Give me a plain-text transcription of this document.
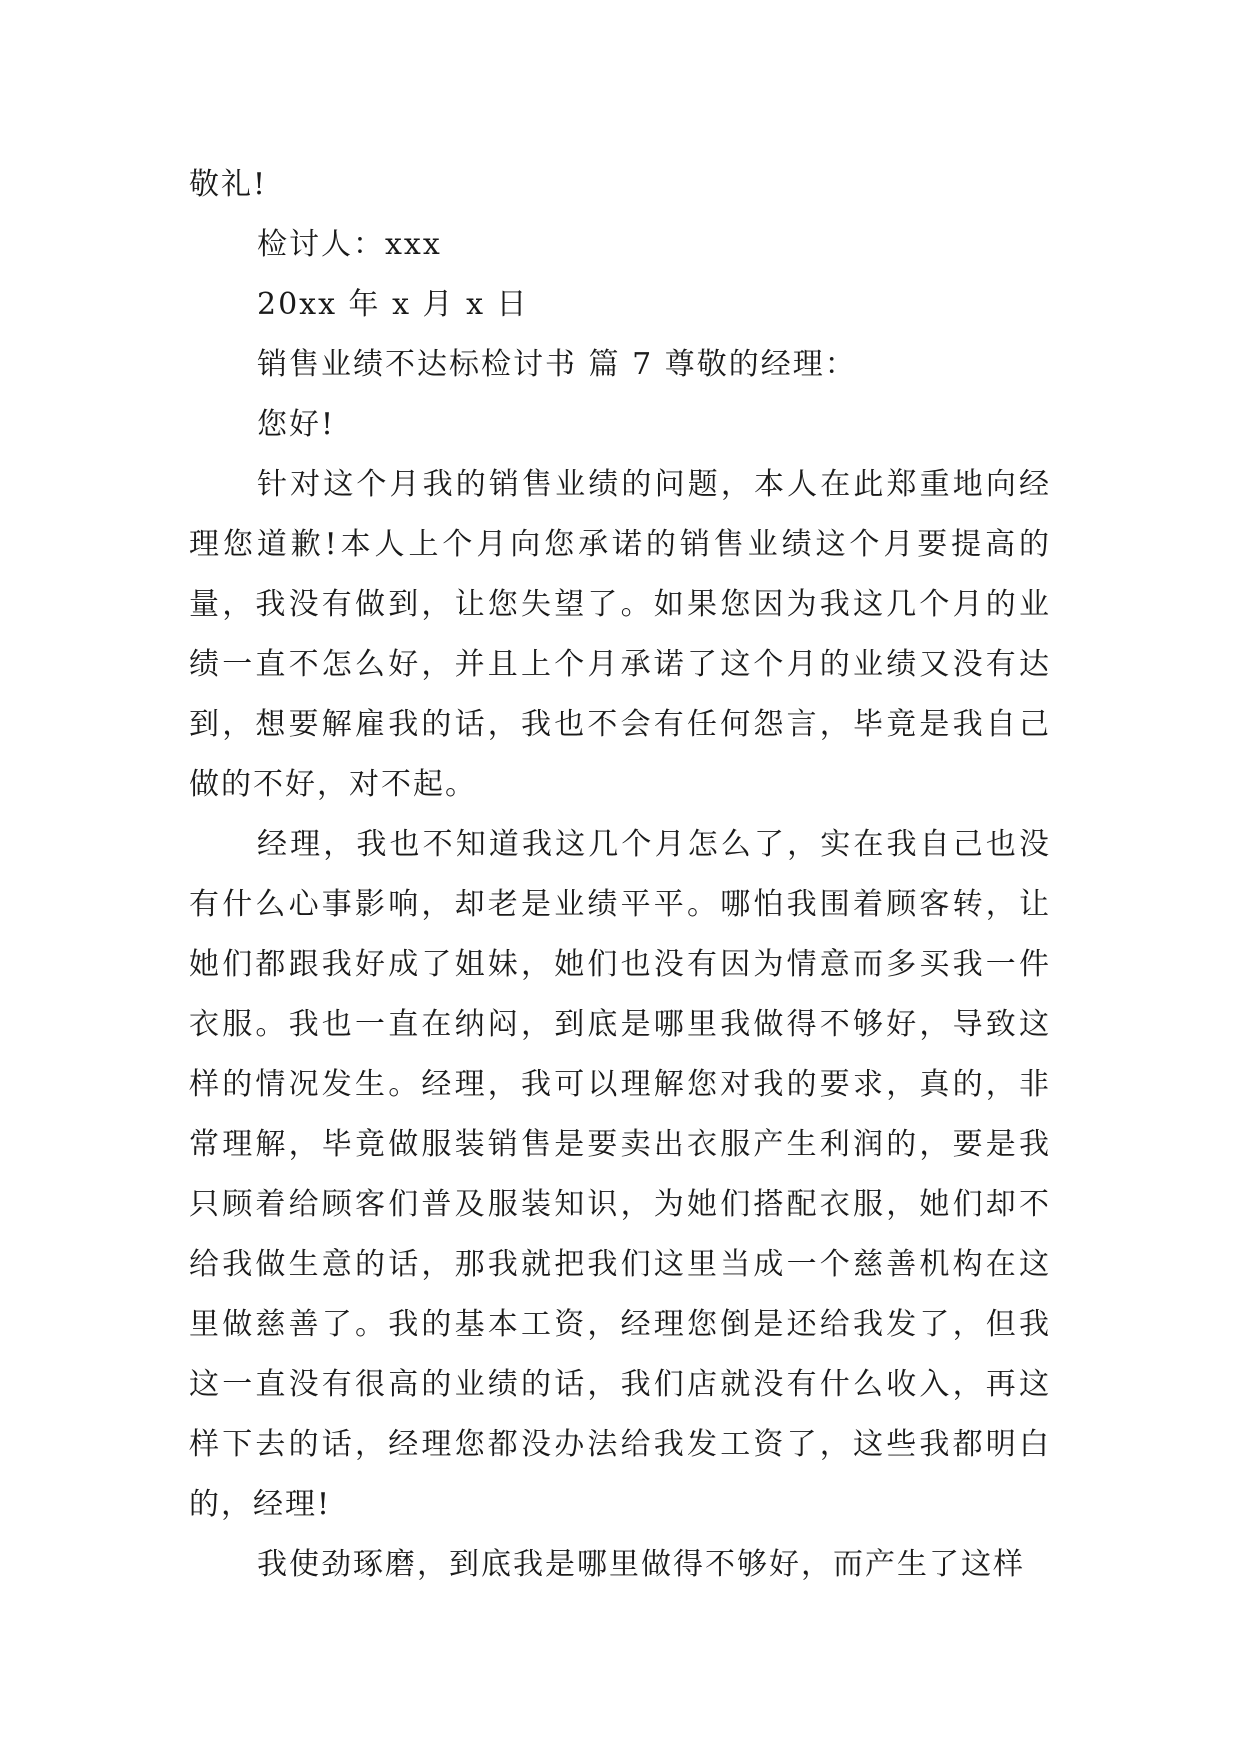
敬礼!

检讨人：xxx

20xx 年 x 月 x 日

销售业绩不达标检讨书 篇 7 尊敬的经理：

您好!

针对这个月我的销售业绩的问题，本人在此郑重地向经理您道歉!本人上个月向您承诺的销售业绩这个月要提高的量，我没有做到，让您失望了。如果您因为我这几个月的业绩一直不怎么好，并且上个月承诺了这个月的业绩又没有达到，想要解雇我的话，我也不会有任何怨言，毕竟是我自己做的不好，对不起。

经理，我也不知道我这几个月怎么了，实在我自己也没有什么心事影响，却老是业绩平平。哪怕我围着顾客转，让她们都跟我好成了姐妹，她们也没有因为情意而多买我一件衣服。我也一直在纳闷，到底是哪里我做得不够好，导致这样的情况发生。经理，我可以理解您对我的要求，真的，非常理解，毕竟做服装销售是要卖出衣服产生利润的，要是我只顾着给顾客们普及服装知识，为她们搭配衣服，她们却不给我做生意的话，那我就把我们这里当成一个慈善机构在这里做慈善了。我的基本工资，经理您倒是还给我发了，但我这一直没有很高的业绩的话，我们店就没有什么收入，再这样下去的话，经理您都没办法给我发工资了，这些我都明白的，经理!

我使劲琢磨，到底我是哪里做得不够好，而产生了这样
